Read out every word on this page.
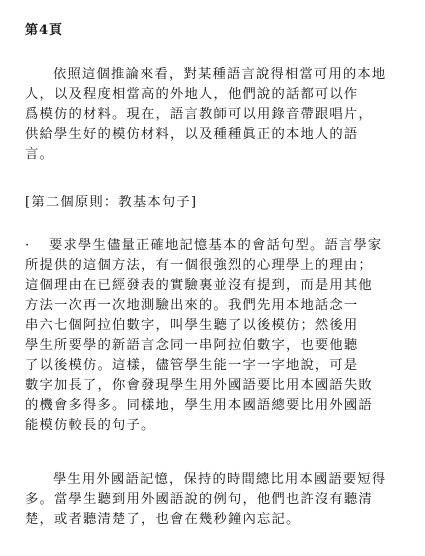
第4頁

依照這個推論來看，對某種語言說得相當可用的本地
人，以及程度相當高的外地人，他們說的話都可以作
爲模仿的材料。現在，語言教師可以用錄音帶跟唱片，
供給學生好的模仿材料，以及種種眞正的本地人的語
言。

[第二個原則：教基本句子]

· 要求學生儘量正確地記憶基本的會話句型。語言學家
所提供的這個方法，有一個很強烈的心理學上的理由；
這個理由在已經發表的實驗裏並沒有提到，而是用其他
方法一次再一次地測驗出來的。我們先用本地話念一
串六七個阿拉伯數字，叫學生聽了以後模仿；然後用
學生所要學的新語言念同一串阿拉伯數字，也要他聽
了以後模仿。這樣，儘管學生能一字一字地說，可是
數字加長了，你會發現學生用外國語要比用本國語失敗
的機會多得多。同樣地，學生用本國語總要比用外國語
能模仿較長的句子。

學生用外國語記憶，保持的時間總比用本國語要短得
多。當學生聽到用外國語說的例句，他們也許沒有聽清
楚，或者聽清楚了，也會在幾秒鐘內忘記。
